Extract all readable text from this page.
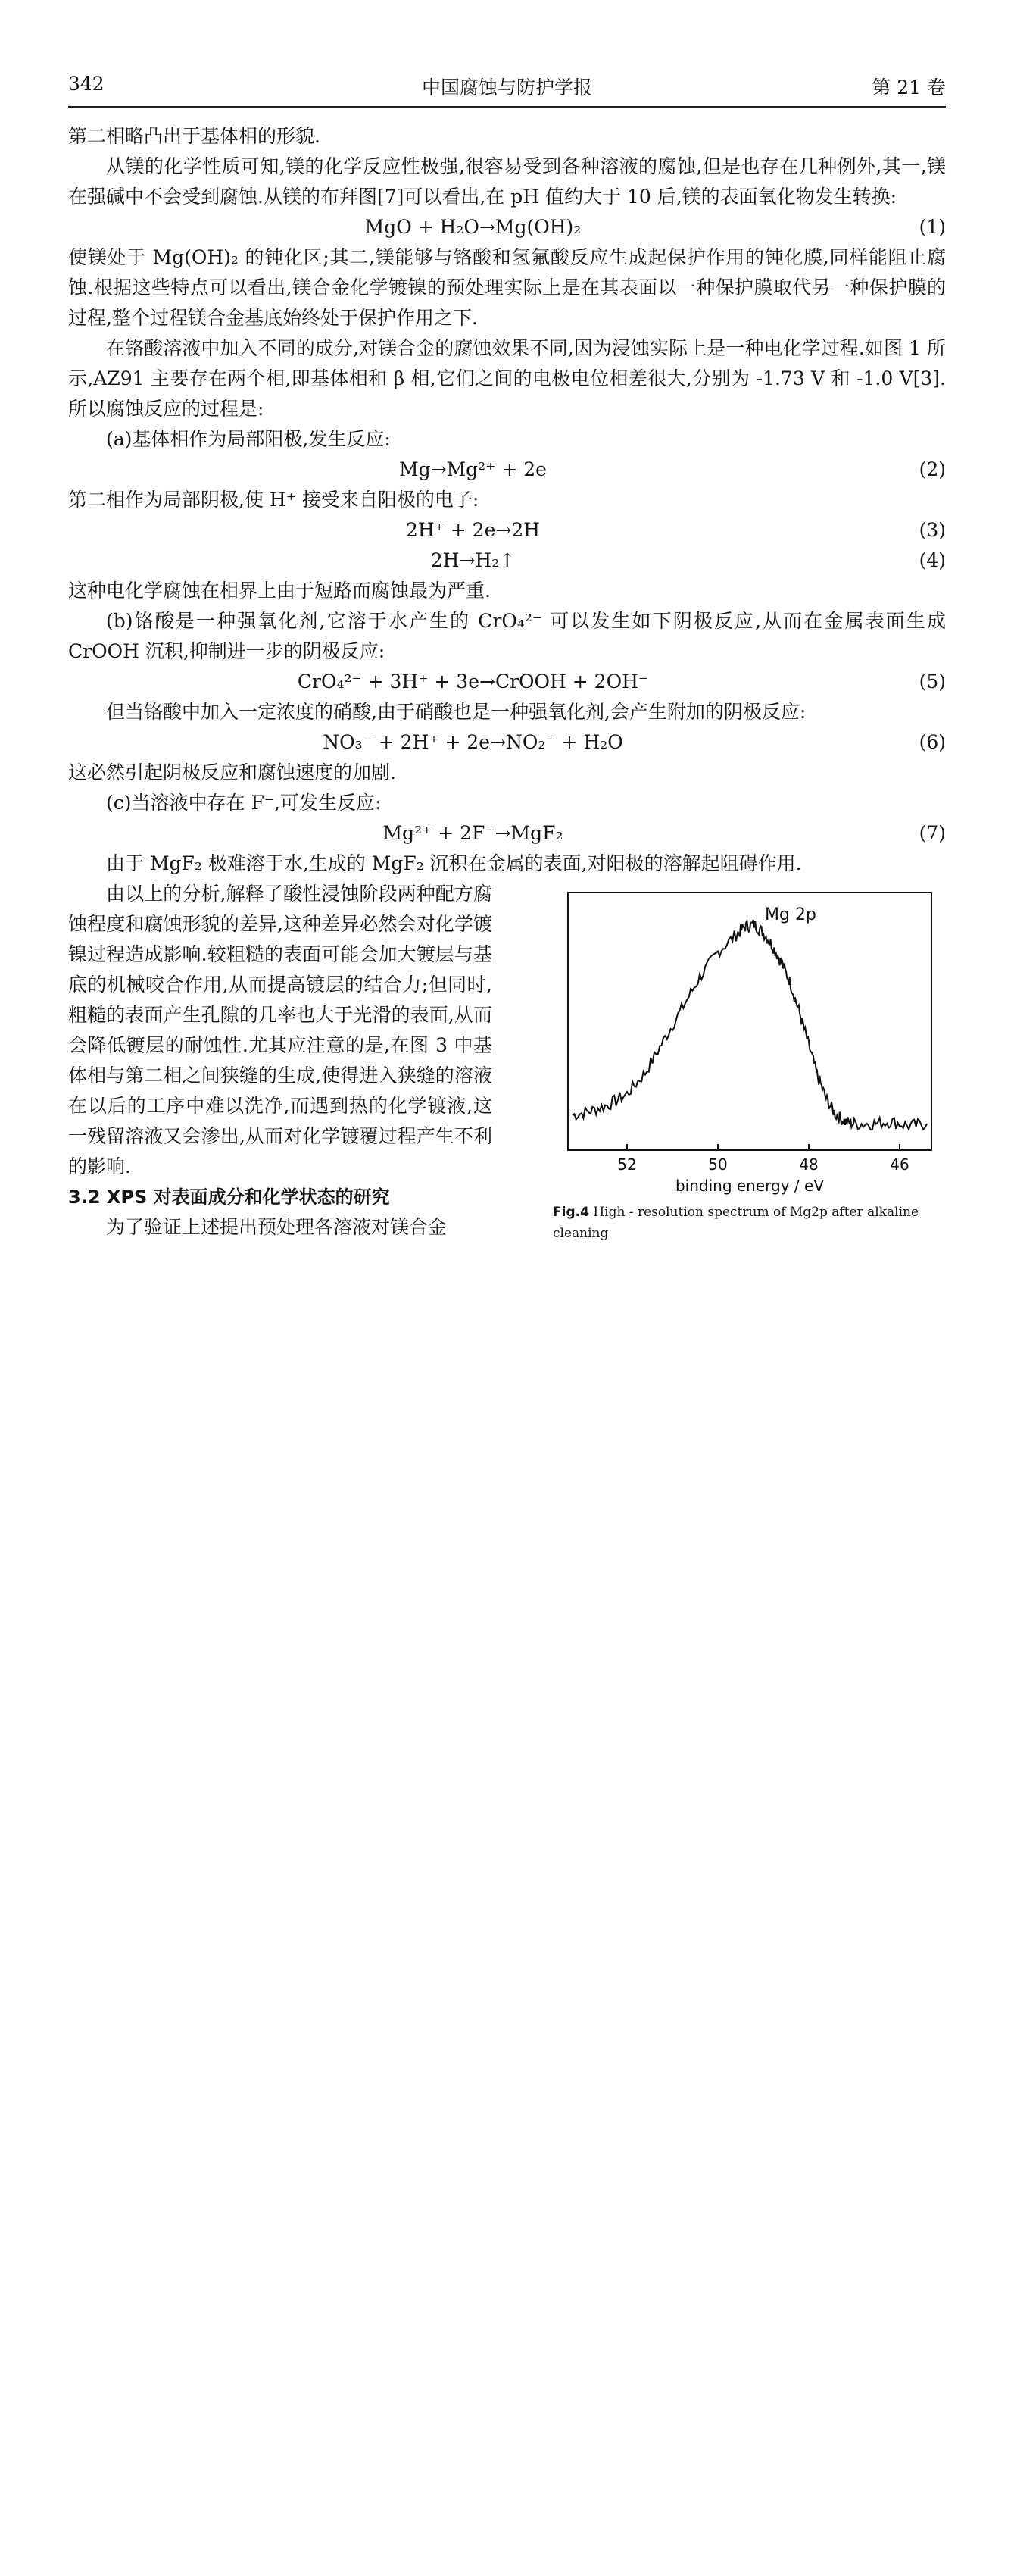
342	中国腐蚀与防护学报	第 21 卷

第二相略凸出于基体相的形貌.

从镁的化学性质可知,镁的化学反应性极强,很容易受到各种溶液的腐蚀,但是也存在几种例外,其一,镁在强碱中不会受到腐蚀.从镁的布拜图[7]可以看出,在 pH 值约大于 10 后,镁的表面氧化物发生转换:

MgO + H₂O→Mg(OH)₂	(1)

使镁处于 Mg(OH)₂ 的钝化区;其二,镁能够与铬酸和氢氟酸反应生成起保护作用的钝化膜,同样能阻止腐蚀.根据这些特点可以看出,镁合金化学镀镍的预处理实际上是在其表面以一种保护膜取代另一种保护膜的过程,整个过程镁合金基底始终处于保护作用之下.

在铬酸溶液中加入不同的成分,对镁合金的腐蚀效果不同,因为浸蚀实际上是一种电化学过程.如图 1 所示,AZ91 主要存在两个相,即基体相和 β 相,它们之间的电极电位相差很大,分别为 -1.73 V 和 -1.0 V[3].所以腐蚀反应的过程是:

(a)基体相作为局部阳极,发生反应:

Mg→Mg²⁺ + 2e	(2)

第二相作为局部阴极,使 H⁺ 接受来自阳极的电子:

2H⁺ + 2e→2H	(3)
2H→H₂↑	(4)

这种电化学腐蚀在相界上由于短路而腐蚀最为严重.

(b)铬酸是一种强氧化剂,它溶于水产生的 CrO₄²⁻ 可以发生如下阴极反应,从而在金属表面生成 CrOOH 沉积,抑制进一步的阴极反应:

CrO₄²⁻ + 3H⁺ + 3e→CrOOH + 2OH⁻	(5)

但当铬酸中加入一定浓度的硝酸,由于硝酸也是一种强氧化剂,会产生附加的阴极反应:

NO₃⁻ + 2H⁺ + 2e→NO₂⁻ + H₂O	(6)

这必然引起阴极反应和腐蚀速度的加剧.

(c)当溶液中存在 F⁻,可发生反应:

Mg²⁺ + 2F⁻→MgF₂	(7)

由于 MgF₂ 极难溶于水,生成的 MgF₂ 沉积在金属的表面,对阳极的溶解起阻碍作用.

由以上的分析,解释了酸性浸蚀阶段两种配方腐蚀程度和腐蚀形貌的差异,这种差异必然会对化学镀镍过程造成影响.较粗糙的表面可能会加大镀层与基底的机械咬合作用,从而提高镀层的结合力;但同时,粗糙的表面产生孔隙的几率也大于光滑的表面,从而会降低镀层的耐蚀性.尤其应注意的是,在图 3 中基体相与第二相之间狭缝的生成,使得进入狭缝的溶液在以后的工序中难以洗净,而遇到热的化学镀液,这一残留溶液又会渗出,从而对化学镀覆过程产生不利的影响.

3.2 XPS 对表面成分和化学状态的研究

为了验证上述提出预处理各溶液对镁合金

52	50	48	46
Mg 2p
binding energy / eV
Fig.4 High - resolution spectrum of Mg2p after alkaline cleaning
